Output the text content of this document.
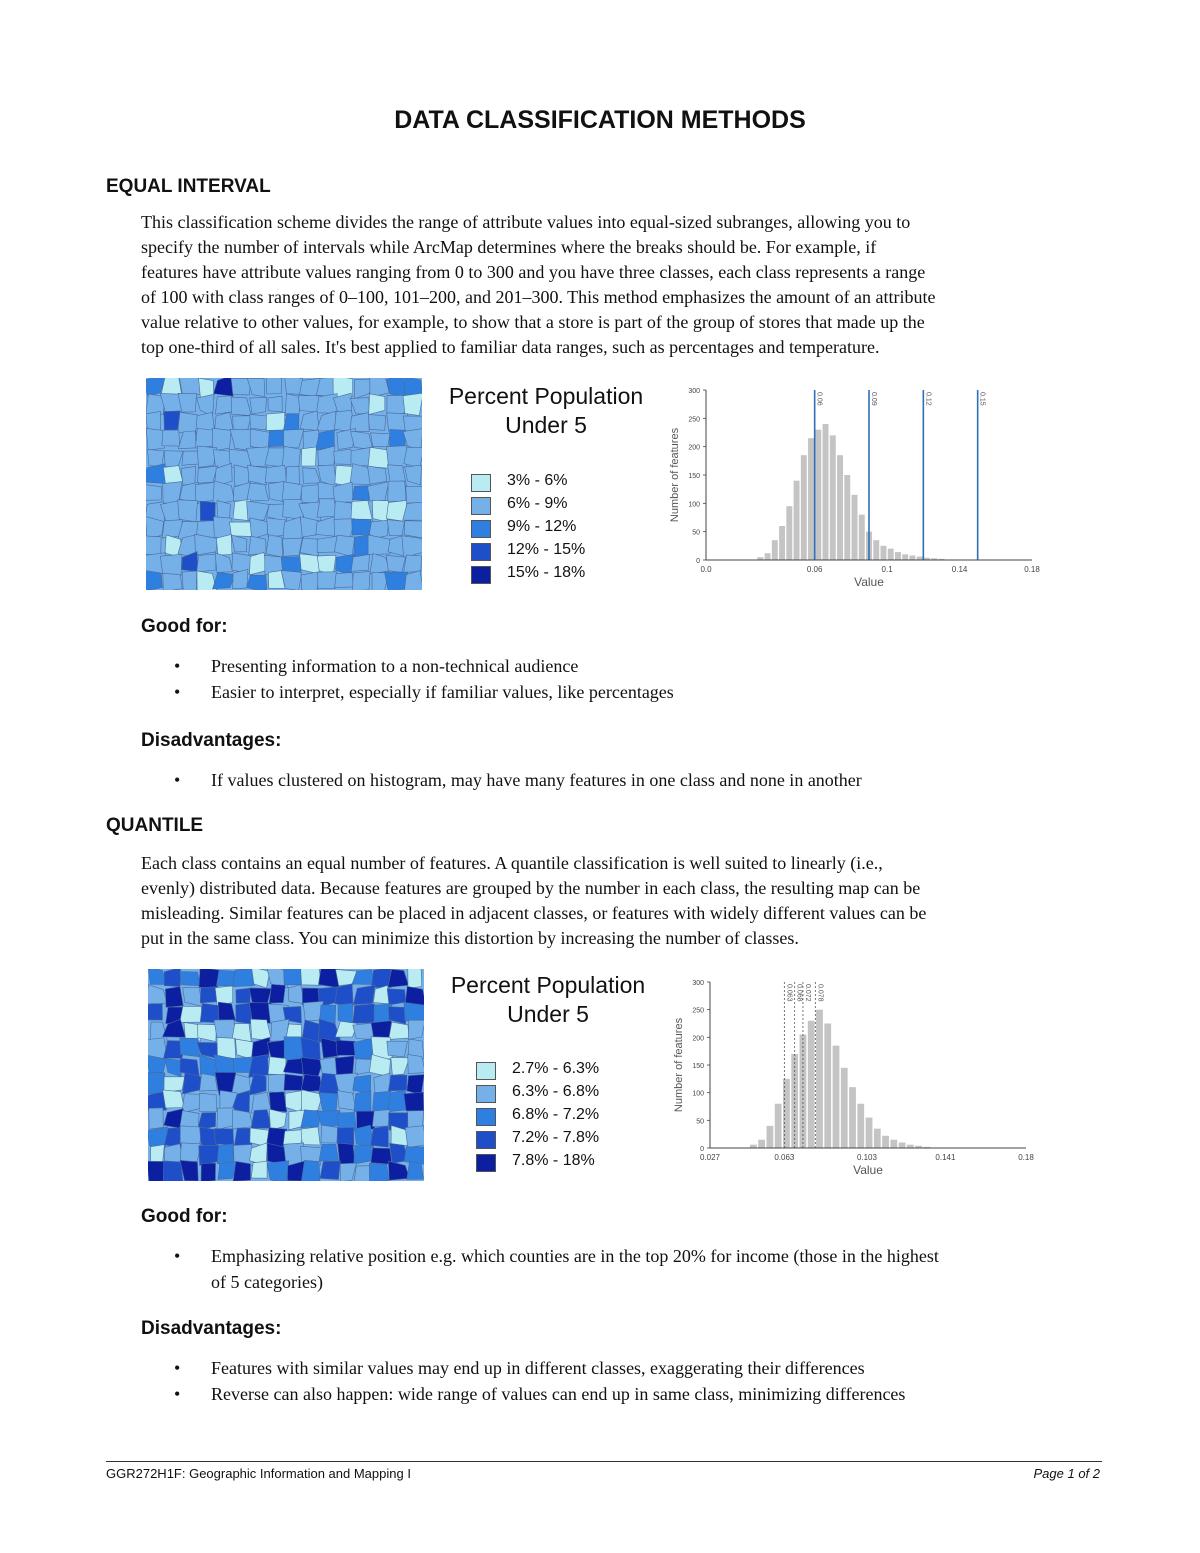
DATA CLASSIFICATION METHODS
EQUAL INTERVAL
This classification scheme divides the range of attribute values into equal-sized subranges, allowing you to
specify the number of intervals while ArcMap determines where the breaks should be. For example, if
features have attribute values ranging from 0 to 300 and you have three classes, each class represents a range
of 100 with class ranges of 0–100, 101–200, and 201–300. This method emphasizes the amount of an attribute
value relative to other values, for example, to show that a store is part of the group of stores that made up the
top one-third of all sales. It's best applied to familiar data ranges, such as percentages and temperature.
Percent Population
Under 5
3% - 6%
6% - 9%
9% - 12%
12% - 15%
15% - 18%
0.06	0.09	0.12	0.15
0
50
100
150
200
250
300
0.0	0.06	0.1	0.14	0.18
Value
Number of features
Good for:
• Presenting information to a non-technical audience
• Easier to interpret, especially if familiar values, like percentages
Disadvantages:
• If values clustered on histogram, may have many features in one class and none in another
QUANTILE
Each class contains an equal number of features. A quantile classification is well suited to linearly (i.e.,
evenly) distributed data. Because features are grouped by the number in each class, the resulting map can be
misleading. Similar features can be placed in adjacent classes, or features with widely different values can be
put in the same class. You can minimize this distortion by increasing the number of classes.
Percent Population
Under 5
2.7% - 6.3%
6.3% - 6.8%
6.8% - 7.2%
7.2% - 7.8%
7.8% - 18%
0.063 0.068 0.072 0.078
0
50
100
150
200
250
300
0.027	0.063	0.103	0.141	0.18
Value
Number of features
Good for:
• Emphasizing relative position e.g. which counties are in the top 20% for income (those in the highest
of 5 categories)
Disadvantages:
• Features with similar values may end up in different classes, exaggerating their differences
• Reverse can also happen: wide range of values can end up in same class, minimizing differences
GGR272H1F: Geographic Information and Mapping I	Page 1 of 2
